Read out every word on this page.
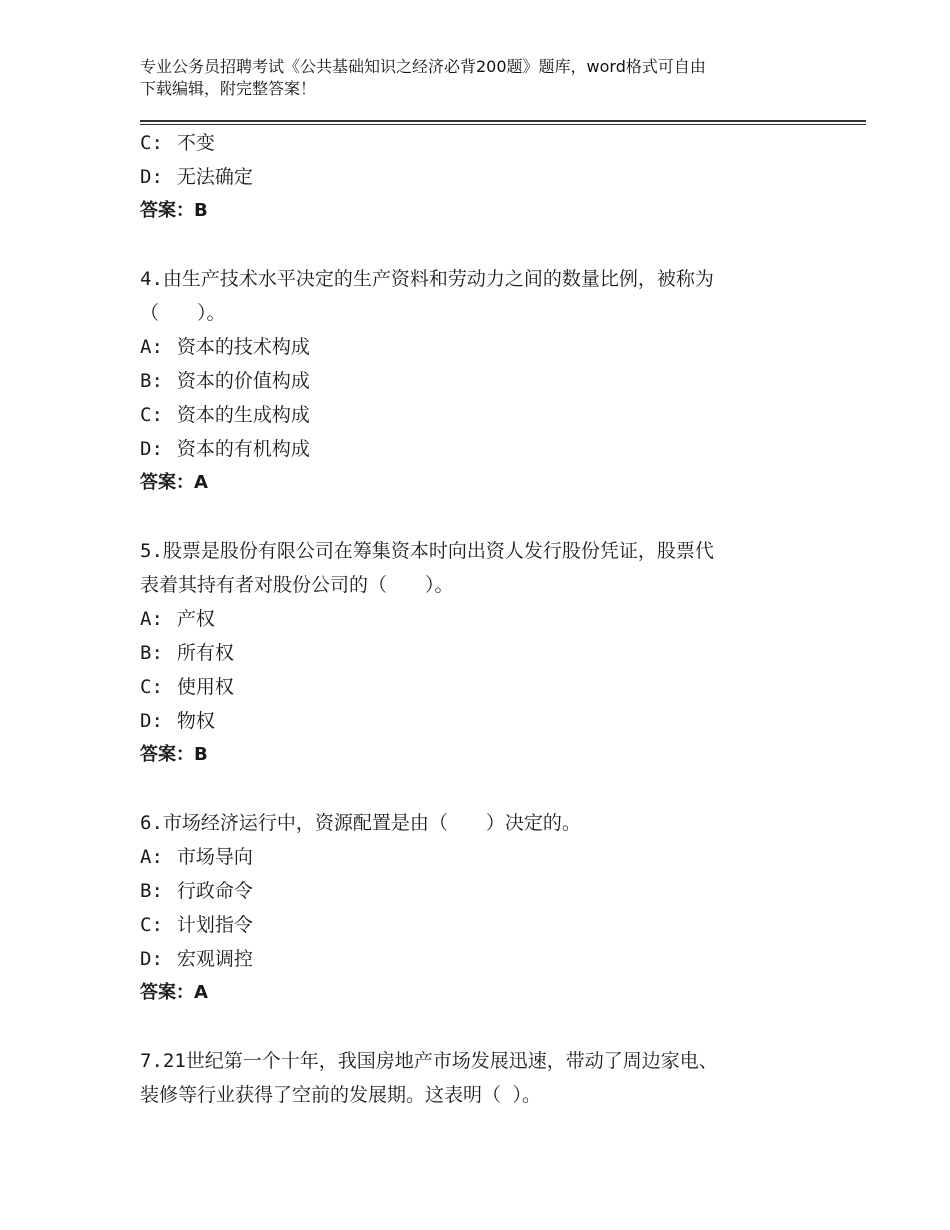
专业公务员招聘考试《公共基础知识之经济必背200题》题库，word格式可自由
下载编辑，附完整答案！
C: 不变
D: 无法确定
答案：B
4.由生产技术水平决定的生产资料和劳动力之间的数量比例，被称为
（　　）。
A: 资本的技术构成
B: 资本的价值构成
C: 资本的生成构成
D: 资本的有机构成
答案：A
5.股票是股份有限公司在筹集资本时向出资人发行股份凭证，股票代
表着其持有者对股份公司的（　　）。
A: 产权
B: 所有权
C: 使用权
D: 物权
答案：B
6.市场经济运行中，资源配置是由（　　）决定的。
A: 市场导向
B: 行政命令
C: 计划指令
D: 宏观调控
答案：A
7.21世纪第一个十年，我国房地产市场发展迅速，带动了周边家电、
装修等行业获得了空前的发展期。这表明（ ）。
